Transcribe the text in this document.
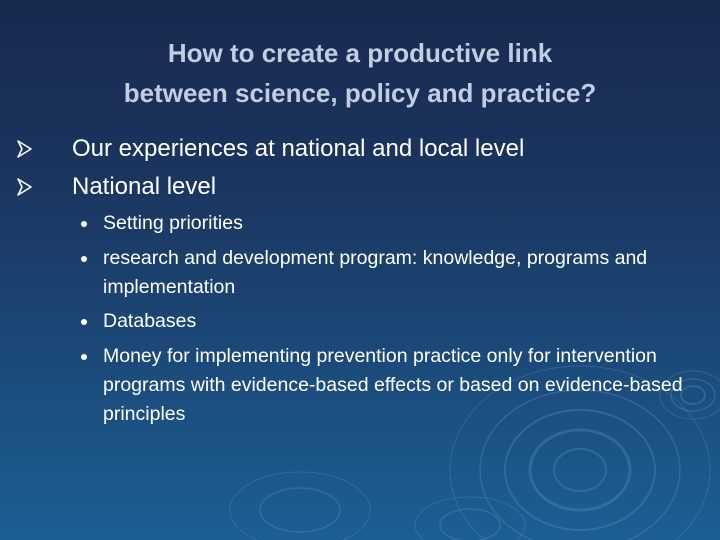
How to create a productive link
between science, policy and practice?
Our experiences at national and local level
National level
Setting priorities
research and development program: knowledge, programs and implementation
Databases
Money for implementing prevention practice only for intervention programs with evidence-based effects or based on evidence-based principles
